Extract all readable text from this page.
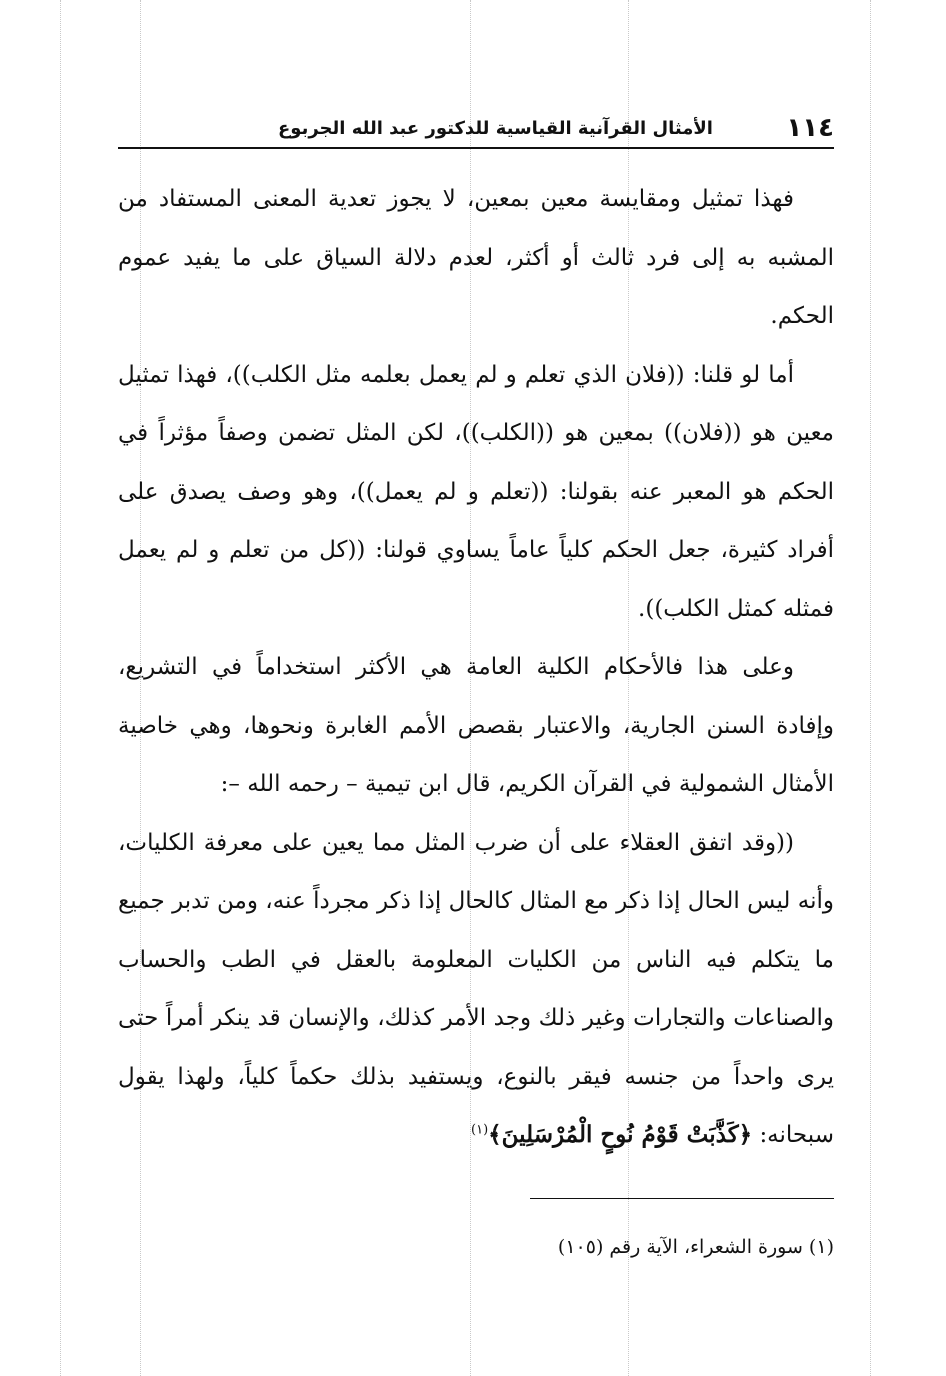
١١٤
الأمثال القرآنية القياسية للدكتور عبد الله الجربوع

فهذا تمثيل ومقايسة معين بمعين، لا يجوز تعدية المعنى المستفاد من المشبه به إلى فرد ثالث أو أكثر، لعدم دلالة السياق على ما يفيد عموم الحكم.

أما لو قلنا: ((فلان الذي تعلم و لم يعمل بعلمه مثل الكلب))، فهذا تمثيل معين هو ((فلان)) بمعين هو ((الكلب))، لكن المثل تضمن وصفاً مؤثراً في الحكم هو المعبر عنه بقولنا: ((تعلم و لم يعمل))، وهو وصف يصدق على أفراد كثيرة، جعل الحكم كلياً عاماً يساوي قولنا: ((كل من تعلم و لم يعمل فمثله كمثل الكلب)).

وعلى هذا فالأحكام الكلية العامة هي الأكثر استخداماً في التشريع، وإفادة السنن الجارية، والاعتبار بقصص الأمم الغابرة ونحوها، وهي خاصية الأمثال الشمولية في القرآن الكريم، قال ابن تيمية – رحمه الله –:

((وقد اتفق العقلاء على أن ضرب المثل مما يعين على معرفة الكليات، وأنه ليس الحال إذا ذكر مع المثال كالحال إذا ذكر مجرداً عنه، ومن تدبر جميع ما يتكلم فيه الناس من الكليات المعلومة بالعقل في الطب والحساب والصناعات والتجارات وغير ذلك وجد الأمر كذلك، والإنسان قد ينكر أمراً حتى يرى واحداً من جنسه فيقر بالنوع، ويستفيد بذلك حكماً كلياً، ولهذا يقول سبحانه: ﴿كَذَّبَتْ قَوْمُ نُوحٍ الْمُرْسَلِينَ﴾$^{(١)}$

(١) سورة الشعراء، الآية رقم (١٠٥)
